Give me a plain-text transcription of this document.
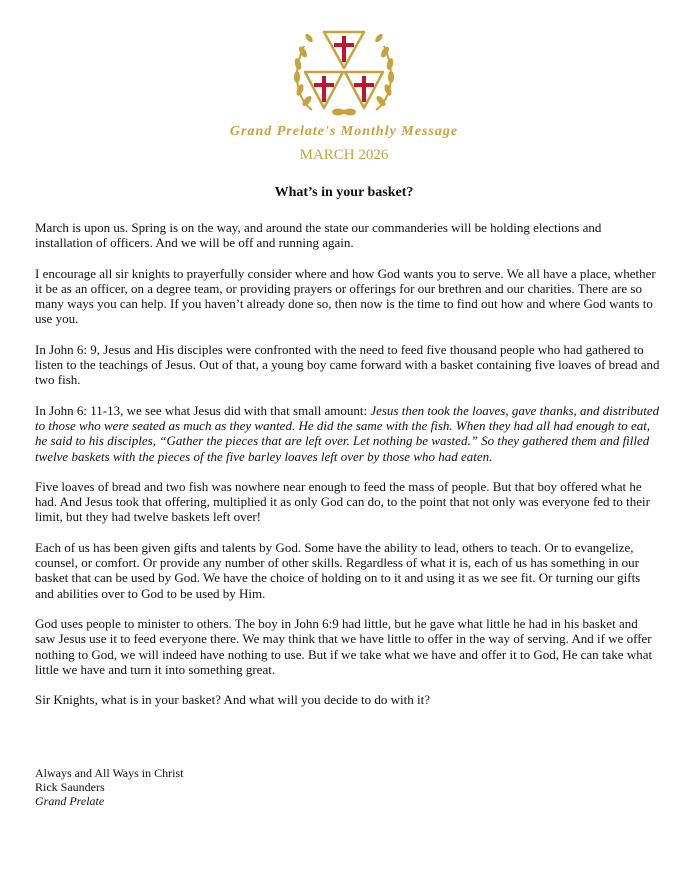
Grand Prelate's Monthly Message
MARCH 2026
What’s in your basket?

March is upon us. Spring is on the way, and around the state our commanderies will be holding elections and installation of officers. And we will be off and running again.

I encourage all sir knights to prayerfully consider where and how God wants you to serve. We all have a place, whether it be as an officer, on a degree team, or providing prayers or offerings for our brethren and our charities. There are so many ways you can help. If you haven’t already done so, then now is the time to find out how and where God wants to use you.

In John 6: 9, Jesus and His disciples were confronted with the need to feed five thousand people who had gathered to listen to the teachings of Jesus. Out of that, a young boy came forward with a basket containing five loaves of bread and two fish.

In John 6: 11-13, we see what Jesus did with that small amount: Jesus then took the loaves, gave thanks, and distributed to those who were seated as much as they wanted. He did the same with the fish. When they had all had enough to eat, he said to his disciples, “Gather the pieces that are left over. Let nothing be wasted.” So they gathered them and filled twelve baskets with the pieces of the five barley loaves left over by those who had eaten.

Five loaves of bread and two fish was nowhere near enough to feed the mass of people. But that boy offered what he had. And Jesus took that offering, multiplied it as only God can do, to the point that not only was everyone fed to their limit, but they had twelve baskets left over!

Each of us has been given gifts and talents by God. Some have the ability to lead, others to teach. Or to evangelize, counsel, or comfort. Or provide any number of other skills. Regardless of what it is, each of us has something in our basket that can be used by God. We have the choice of holding on to it and using it as we see fit. Or turning our gifts and abilities over to God to be used by Him.

God uses people to minister to others. The boy in John 6:9 had little, but he gave what little he had in his basket and saw Jesus use it to feed everyone there. We may think that we have little to offer in the way of serving. And if we offer nothing to God, we will indeed have nothing to use. But if we take what we have and offer it to God, He can take what little we have and turn it into something great.

Sir Knights, what is in your basket? And what will you decide to do with it?

Always and All Ways in Christ
Rick Saunders
Grand Prelate
